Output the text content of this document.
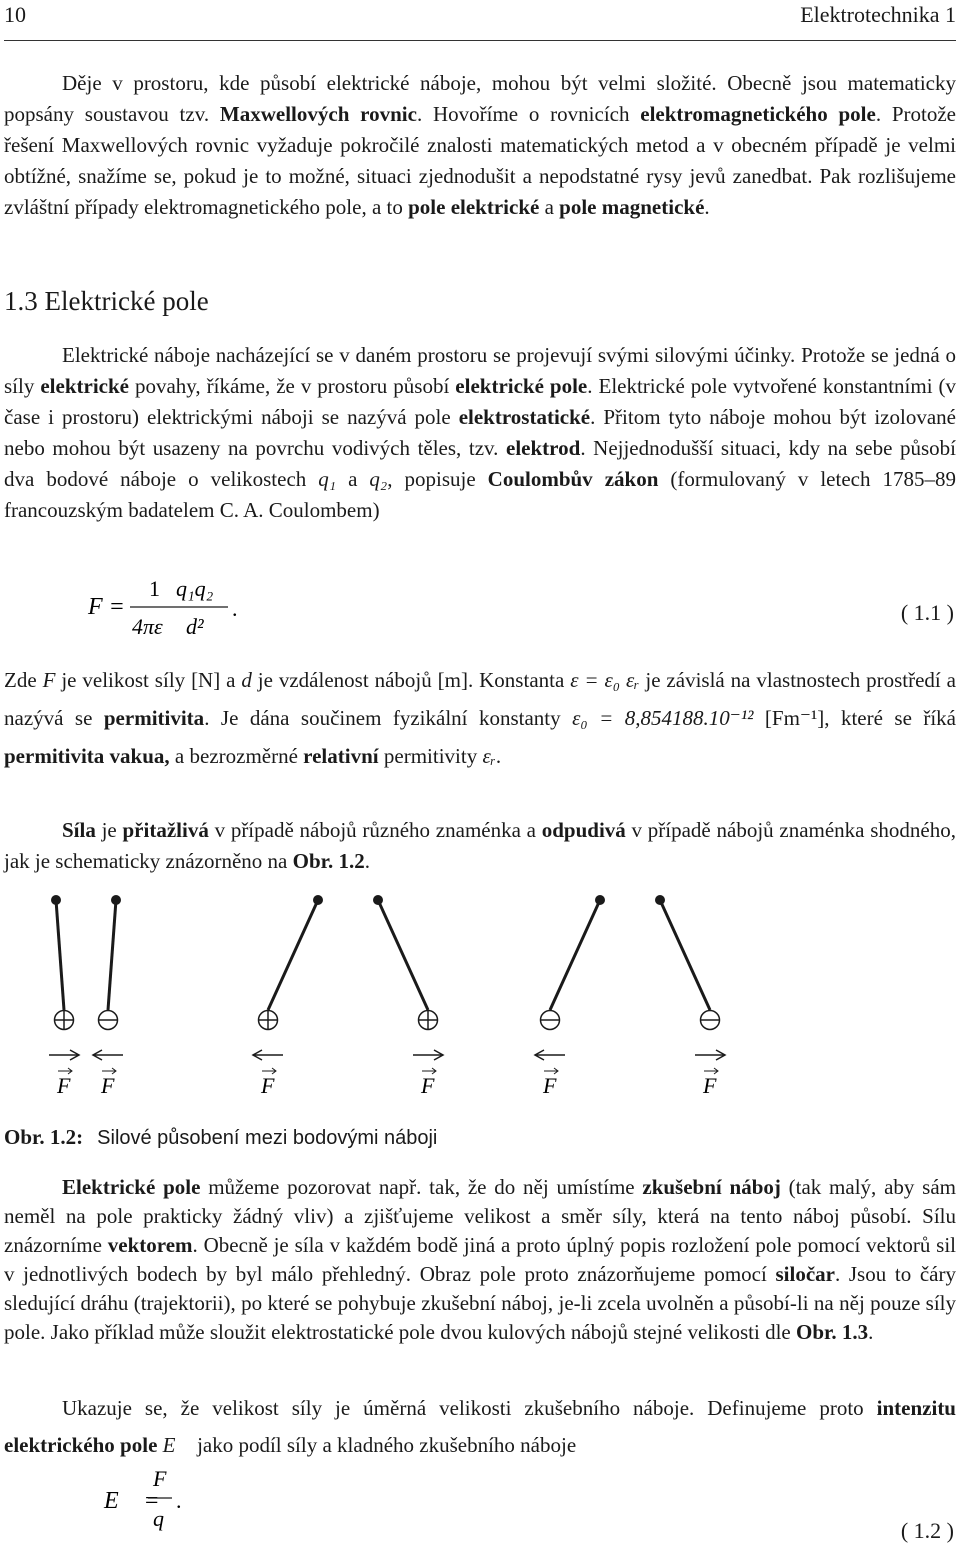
10	Elektrotechnika 1

Děje v prostoru, kde působí elektrické náboje, mohou být velmi složité. Obecně jsou matematicky popsány soustavou tzv. Maxwellových rovnic. Hovoříme o rovnicích elektromagnetického pole. Protože řešení Maxwellových rovnic vyžaduje pokročilé znalosti matematických metod a v obecném případě je velmi obtížné, snažíme se, pokud je to možné, situaci zjednodušit a nepodstatné rysy jevů zanedbat. Pak rozlišujeme zvláštní případy elektromagnetického pole, a to pole elektrické a pole magnetické.

1.3 Elektrické pole

Elektrické náboje nacházející se v daném prostoru se projevují svými silovými účinky. Protože se jedná o síly elektrické povahy, říkáme, že v prostoru působí elektrické pole. Elektrické pole vytvořené konstantními (v čase i prostoru) elektrickými náboji se nazývá pole elektrostatické. Přitom tyto náboje mohou být izolované nebo mohou být usazeny na povrchu vodivých těles, tzv. elektrod. Nejjednodušší situaci, kdy na sebe působí dva bodové náboje o velikostech q₁ a q₂, popisuje Coulombův zákon (formulovaný v letech 1785–89 francouzským badatelem C. A. Coulombem)

F =
1
4πε
q₁q₂
d²
.	( 1.1 )

Zde F je velikost síly [N] a d je vzdálenost nábojů [m]. Konstanta ε = ε₀ εᵣ je závislá na vlastnostech prostředí a nazývá se permitivita. Je dána součinem fyzikální konstanty ε₀ = 8,854188.10⁻¹² [Fm⁻¹], které se říká permitivita vakua, a bezrozměrné relativní permitivity εᵣ.

Síla je přitažlivá v případě nábojů různého znaménka a odpudivá v případě nábojů znaménka shodného, jak je schematicky znázorněno na Obr. 1.2.

F F	F	F	F	F
Obr. 1.2: Silové působení mezi bodovými náboji

Elektrické pole můžeme pozorovat např. tak, že do něj umístíme zkušební náboj (tak malý, aby sám neměl na pole prakticky žádný vliv) a zjišťujeme velikost a směr síly, která na tento náboj působí. Sílu znázorníme vektorem. Obecně je síla v každém bodě jiná a proto úplný popis rozložení pole pomocí vektorů sil v jednotlivých bodech by byl málo přehledný. Obraz pole proto znázorňujeme pomocí siločar. Jsou to čáry sledující dráhu (trajektorii), po které se pohybuje zkušební náboj, je-li zcela uvolněn a působí-li na něj pouze síly pole. Jako příklad může sloužit elektrostatické pole dvou kulových nábojů stejné velikosti dle Obr. 1.3.

Ukazuje se, že velikost síly je úměrná velikosti zkušebního náboje. Definujeme proto intenzitu elektrického pole E⃗ jako podíl síly a kladného zkušebního náboje

E⃗ =
F⃗
q
.
( 1.2 )
